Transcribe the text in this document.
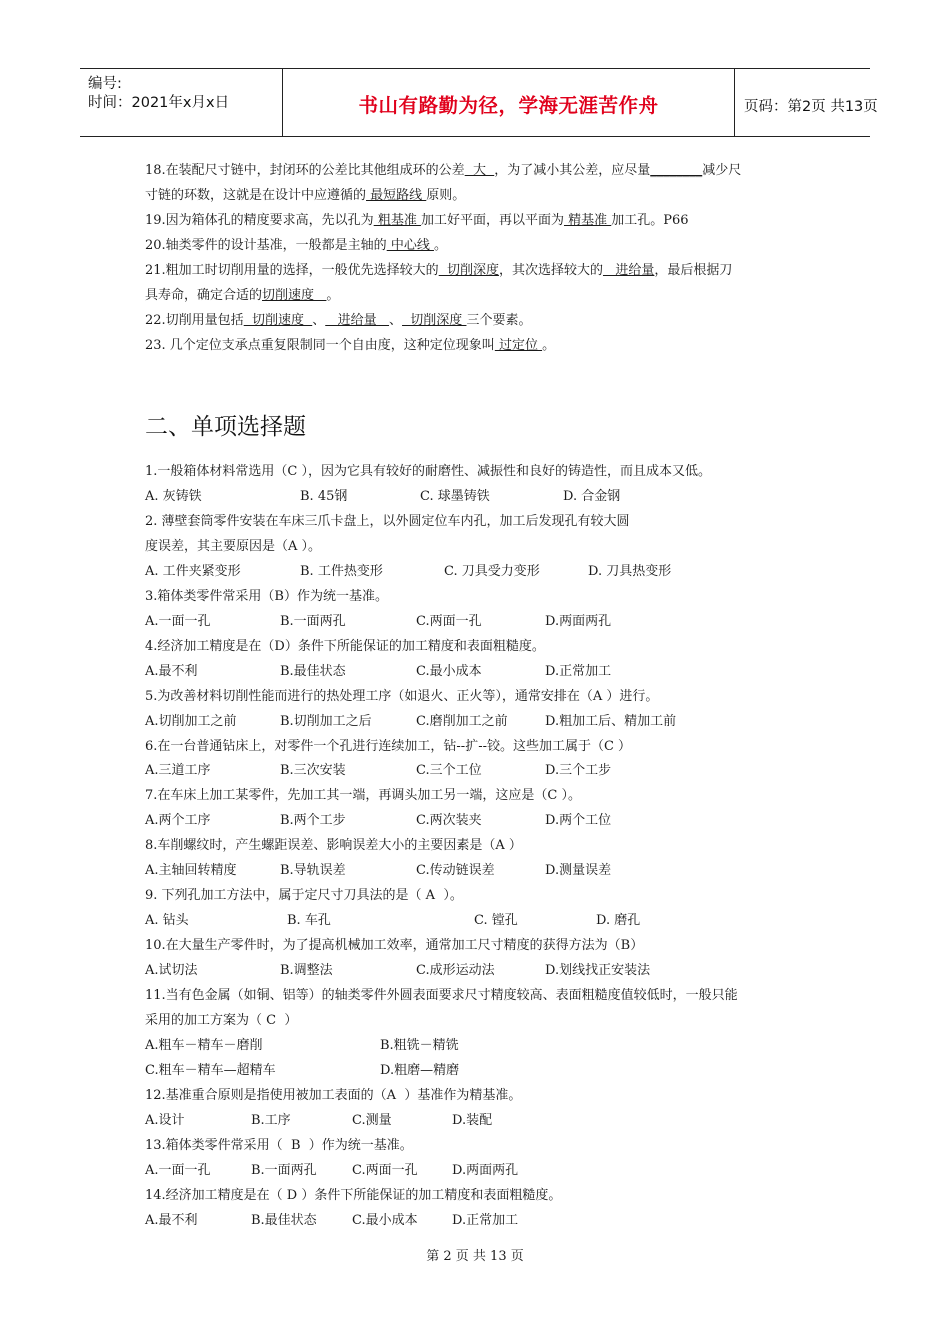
编号:
时间：2021年x月x日	书山有路勤为径，学海无涯苦作舟	页码：第2页 共13页
18.在装配尺寸链中，封闭环的公差比其他组成环的公差  大  ，为了减小其公差，应尽量________减少尺
寸链的环数，这就是在设计中应遵循的 最短路线 原则。
19.因为箱体孔的精度要求高，先以孔为 粗基准 加工好平面，再以平面为 精基准 加工孔。P66
20.轴类零件的设计基准，一般都是主轴的 中心线 。
21.粗加工时切削用量的选择，一般优先选择较大的  切削深度，其次选择较大的   进给量，最后根据刀
具寿命，确定合适的切削速度   。
22.切削用量包括  切削速度  、   进给量   、  切削深度 三个要素。
23. 几个定位支承点重复限制同一个自由度，这种定位现象叫 过定位 。
二、单项选择题
1.一般箱体材料常选用（C ），因为它具有较好的耐磨性、减振性和良好的铸造性，而且成本又低。
A. 灰铸铁	B. 45钢	C. 球墨铸铁	D. 合金钢
2. 薄壁套筒零件安装在车床三爪卡盘上，以外圆定位车内孔，加工后发现孔有较大圆
度误差，其主要原因是（A ）。
A. 工件夹紧变形	B. 工件热变形	C. 刀具受力变形	D. 刀具热变形
3.箱体类零件常采用（B）作为统一基准。
A.一面一孔	B.一面两孔	C.两面一孔	D.两面两孔
4.经济加工精度是在（D）条件下所能保证的加工精度和表面粗糙度。
A.最不利	B.最佳状态	C.最小成本	D.正常加工
5.为改善材料切削性能而进行的热处理工序（如退火、正火等），通常安排在（A ）进行。
A.切削加工之前	B.切削加工之后	C.磨削加工之前	D.粗加工后、精加工前
6.在一台普通钻床上，对零件一个孔进行连续加工，钻--扩--铰。这些加工属于（C ）
A.三道工序	B.三次安装	C.三个工位	D.三个工步
7.在车床上加工某零件，先加工其一端，再调头加工另一端，这应是（C ）。
A.两个工序	B.两个工步	C.两次装夹	D.两个工位
8.车削螺纹时，产生螺距误差、影响误差大小的主要因素是（A ）
A.主轴回转精度	B.导轨误差	C.传动链误差	D.测量误差
9. 下列孔加工方法中，属于定尺寸刀具法的是（ A  ）。
A. 钻头	B. 车孔	C. 镗孔	D. 磨孔
10.在大量生产零件时，为了提高机械加工效率，通常加工尺寸精度的获得方法为（B）
A.试切法	B.调整法	C.成形运动法	D.划线找正安装法
11.当有色金属（如铜、铝等）的轴类零件外圆表面要求尺寸精度较高、表面粗糙度值较低时，一般只能
采用的加工方案为（ C  ）
A.粗车－精车－磨削	B.粗铣－精铣
C.粗车－精车—超精车	D.粗磨—精磨
12.基准重合原则是指使用被加工表面的（A  ）基准作为精基准。
A.设计	B.工序	C.测量	D.装配
13.箱体类零件常采用（  B  ）作为统一基准。
A.一面一孔	B.一面两孔	C.两面一孔	D.两面两孔
14.经济加工精度是在（ D ）条件下所能保证的加工精度和表面粗糙度。
A.最不利	B.最佳状态	C.最小成本	D.正常加工
第 2 页 共 13 页
